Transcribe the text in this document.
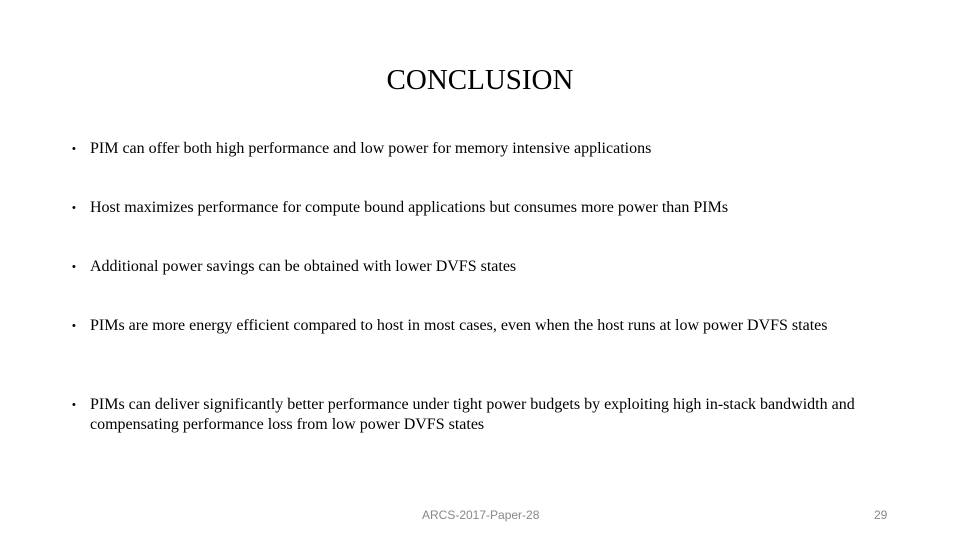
CONCLUSION
• PIM can offer both high performance and low power for memory intensive applications
• Host maximizes performance for compute bound applications but consumes more power than PIMs
• Additional power savings can be obtained with lower DVFS states
• PIMs are more energy efficient compared to host in most cases, even when the host runs at low power DVFS states
• PIMs can deliver significantly better performance under tight power budgets by exploiting high in-stack bandwidth and compensating performance loss from low power DVFS states
ARCS-2017-Paper-28	29
